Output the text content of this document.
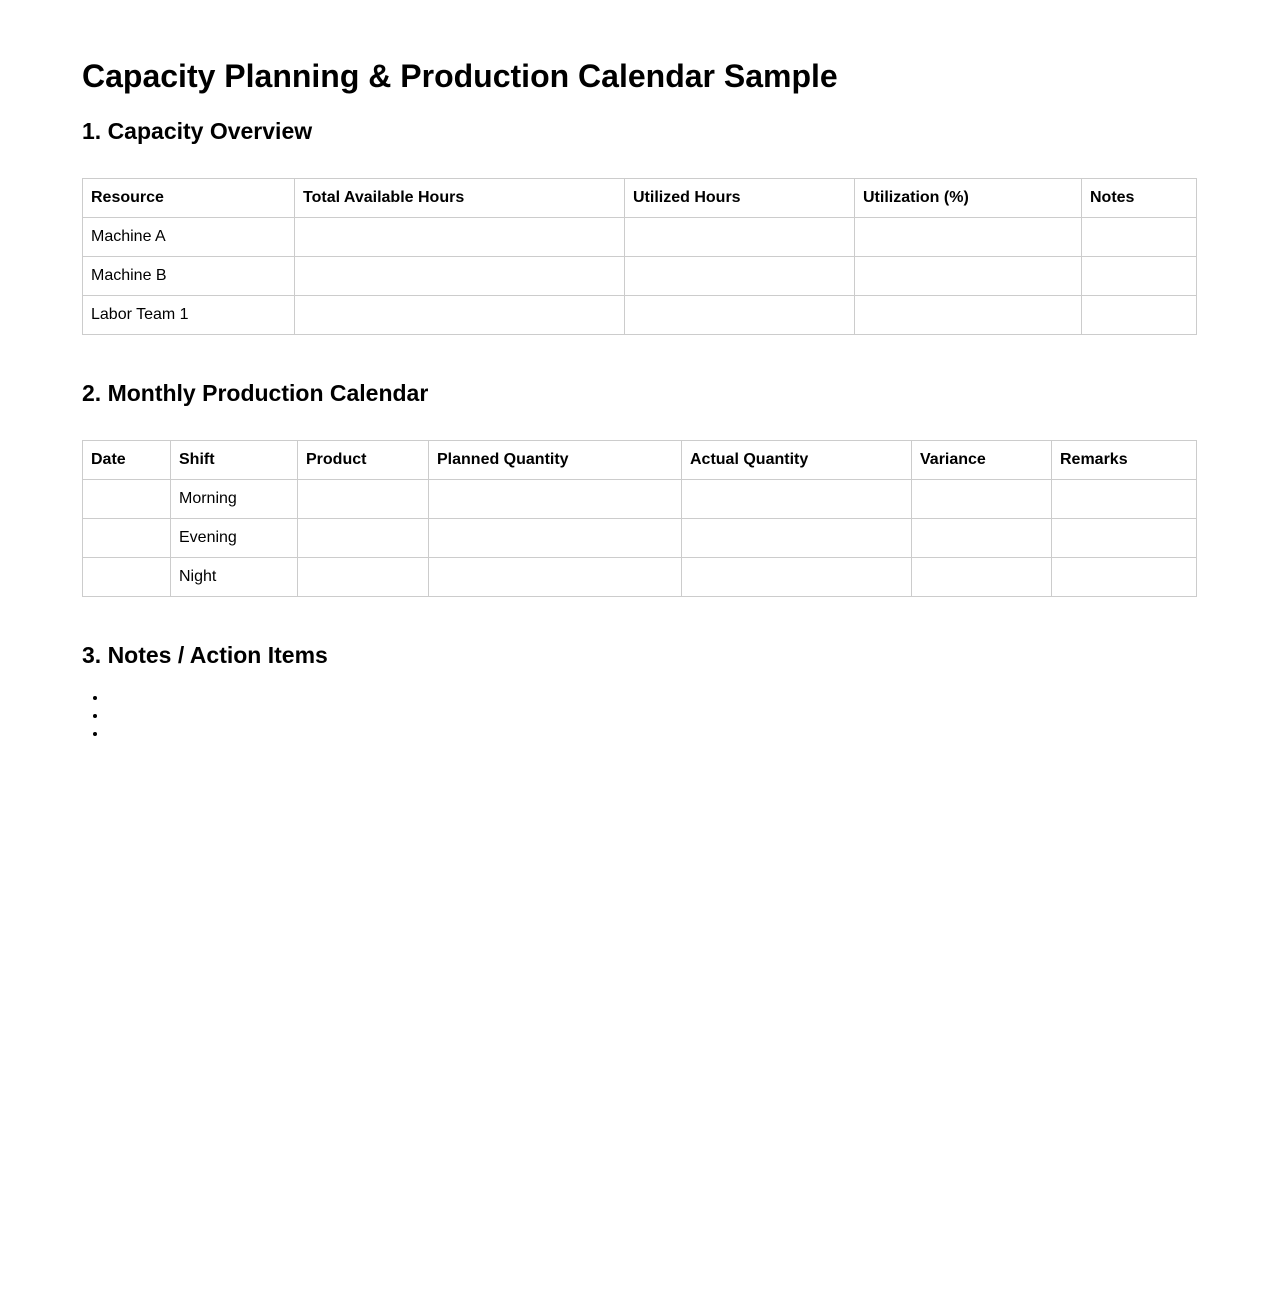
Capacity Planning & Production Calendar Sample
1. Capacity Overview
Resource	Total Available Hours	Utilized Hours	Utilization (%)	Notes
Machine A				
Machine B				
Labor Team 1				
2. Monthly Production Calendar
Date	Shift	Product	Planned Quantity	Actual Quantity	Variance	Remarks
	Morning					
	Evening					
	Night					
3. Notes / Action Items
